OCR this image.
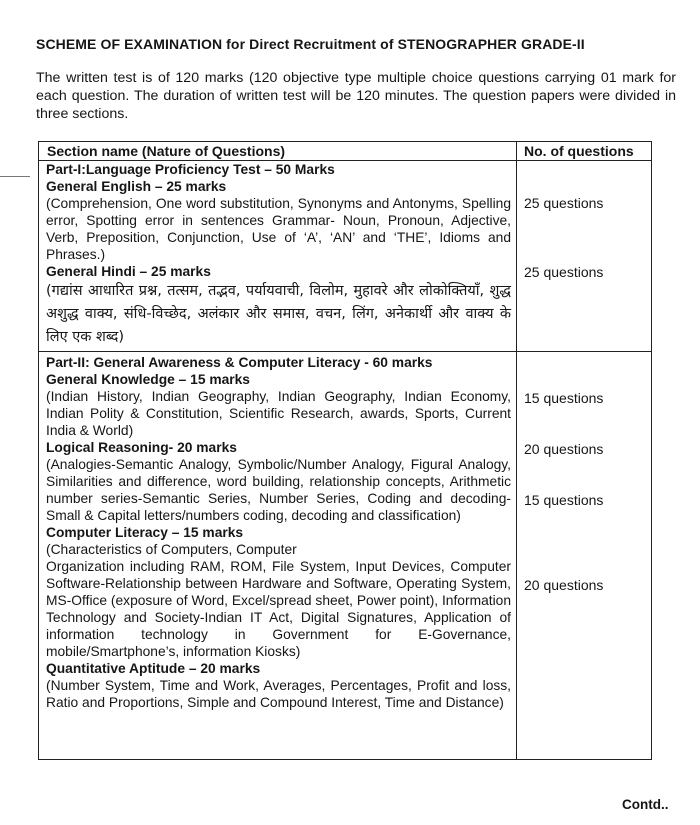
SCHEME OF EXAMINATION for Direct Recruitment of STENOGRAPHER GRADE-II
The written test is of 120 marks (120 objective type multiple choice questions carrying 01 mark for each question. The duration of written test will be 120 minutes. The question papers were divided in three sections.
Section name (Nature of Questions)	No. of questions
Part-I:Language Proficiency Test – 50 Marks
General English – 25 marks
(Comprehension, One word substitution, Synonyms and Antonyms, Spelling error, Spotting error in sentences Grammar- Noun, Pronoun, Adjective, Verb, Preposition, Conjunction, Use of ‘A’, ‘AN’ and ‘THE’, Idioms and Phrases.)
General Hindi – 25 marks
(गद्यांस आधारित प्रश्न, तत्सम, तद्भव, पर्यायवाची, विलोम, मुहावरे और लोकोक्तियाँ, शुद्ध अशुद्ध वाक्य, संधि-विच्छेद, अलंकार और समास, वचन, लिंग, अनेकार्थी और वाक्य के लिए एक शब्द)
25 questions
25 questions
Part-II: General Awareness & Computer Literacy - 60 marks
General Knowledge – 15 marks
(Indian History, Indian Geography, Indian Geography, Indian Economy, Indian Polity & Constitution, Scientific Research, awards, Sports, Current India & World)
Logical Reasoning- 20 marks
(Analogies-Semantic Analogy, Symbolic/Number Analogy, Figural Analogy, Similarities and difference, word building, relationship concepts, Arithmetic number series-Semantic Series, Number Series, Coding and decoding- Small & Capital letters/numbers coding, decoding and classification)
Computer Literacy – 15 marks
(Characteristics of Computers, Computer
Organization including RAM, ROM, File System, Input Devices, Computer Software-Relationship between Hardware and Software, Operating System, MS-Office (exposure of Word, Excel/spread sheet, Power point), Information Technology and Society-Indian IT Act, Digital Signatures, Application of information technology in Government for E-Governance, mobile/Smartphone’s, information Kiosks)
Quantitative Aptitude – 20 marks
(Number System, Time and Work, Averages, Percentages, Profit and loss, Ratio and Proportions, Simple and Compound Interest, Time and Distance)
15 questions
20 questions
15 questions
20 questions
Contd..
